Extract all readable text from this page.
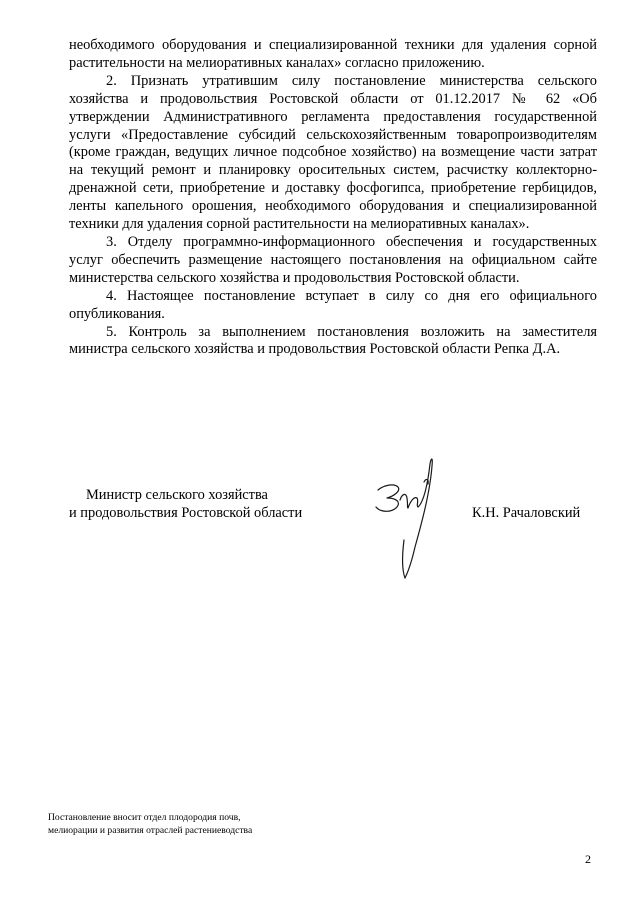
необходимого оборудования и специализированной техники для удаления сорной растительности на мелиоративных каналах» согласно приложению.

2. Признать утратившим силу постановление министерства сельского хозяйства и продовольствия Ростовской области от 01.12.2017 № 62 «Об утверждении Административного регламента предоставления государственной услуги «Предоставление субсидий сельскохозяйственным товаропроизводителям (кроме граждан, ведущих личное подсобное хозяйство) на возмещение части затрат на текущий ремонт и планировку оросительных систем, расчистку коллекторно-дренажной сети, приобретение и доставку фосфогипса, приобретение гербицидов, ленты капельного орошения, необходимого оборудования и специализированной техники для удаления сорной растительности на мелиоративных каналах».

3. Отделу программно-информационного обеспечения и государственных услуг обеспечить размещение настоящего постановления на официальном сайте министерства сельского хозяйства и продовольствия Ростовской области.

4. Настоящее постановление вступает в силу со дня его официального опубликования.

5. Контроль за выполнением постановления возложить на заместителя министра сельского хозяйства и продовольствия Ростовской области Репка Д.А.

Министр сельского хозяйства
и продовольствия Ростовской области	К.Н. Рачаловский
Постановление вносит отдел плодородия почв,
мелиорации и развития отраслей растениеводства
2
